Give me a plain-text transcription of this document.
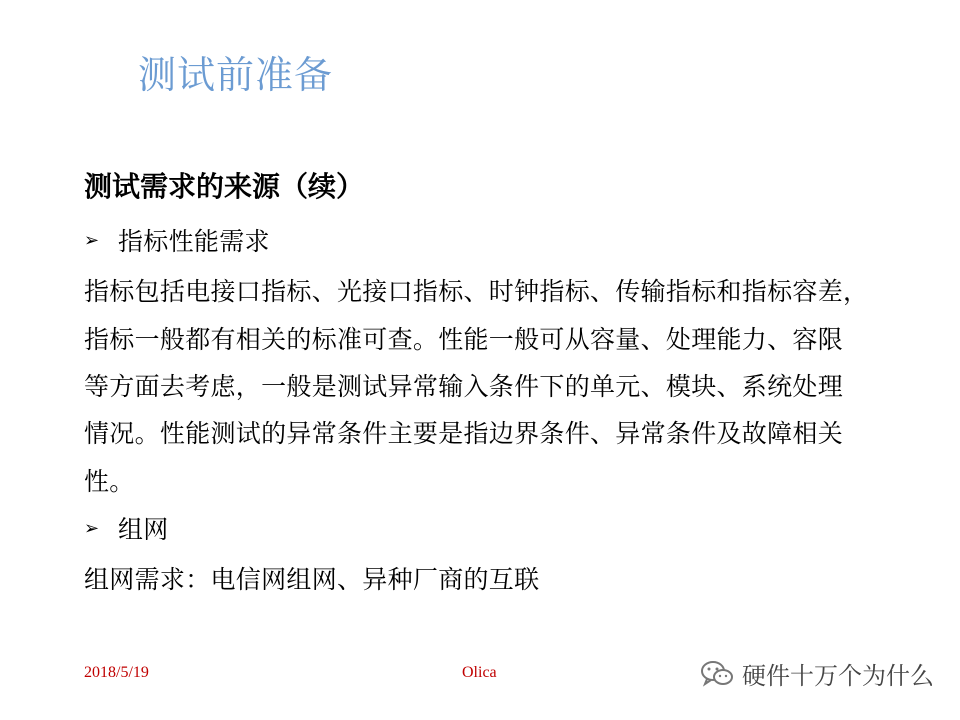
测试前准备
测试需求的来源（续）
➢ 指标性能需求
指标包括电接口指标、光接口指标、时钟指标、传输指标和指标容差，
指标一般都有相关的标准可查。性能一般可从容量、处理能力、容限
等方面去考虑，一般是测试异常输入条件下的单元、模块、系统处理
情况。性能测试的异常条件主要是指边界条件、异常条件及故障相关
性。
➢ 组网
组网需求：电信网组网、异种厂商的互联
2018/5/19	Olica	硬件十万个为什么
